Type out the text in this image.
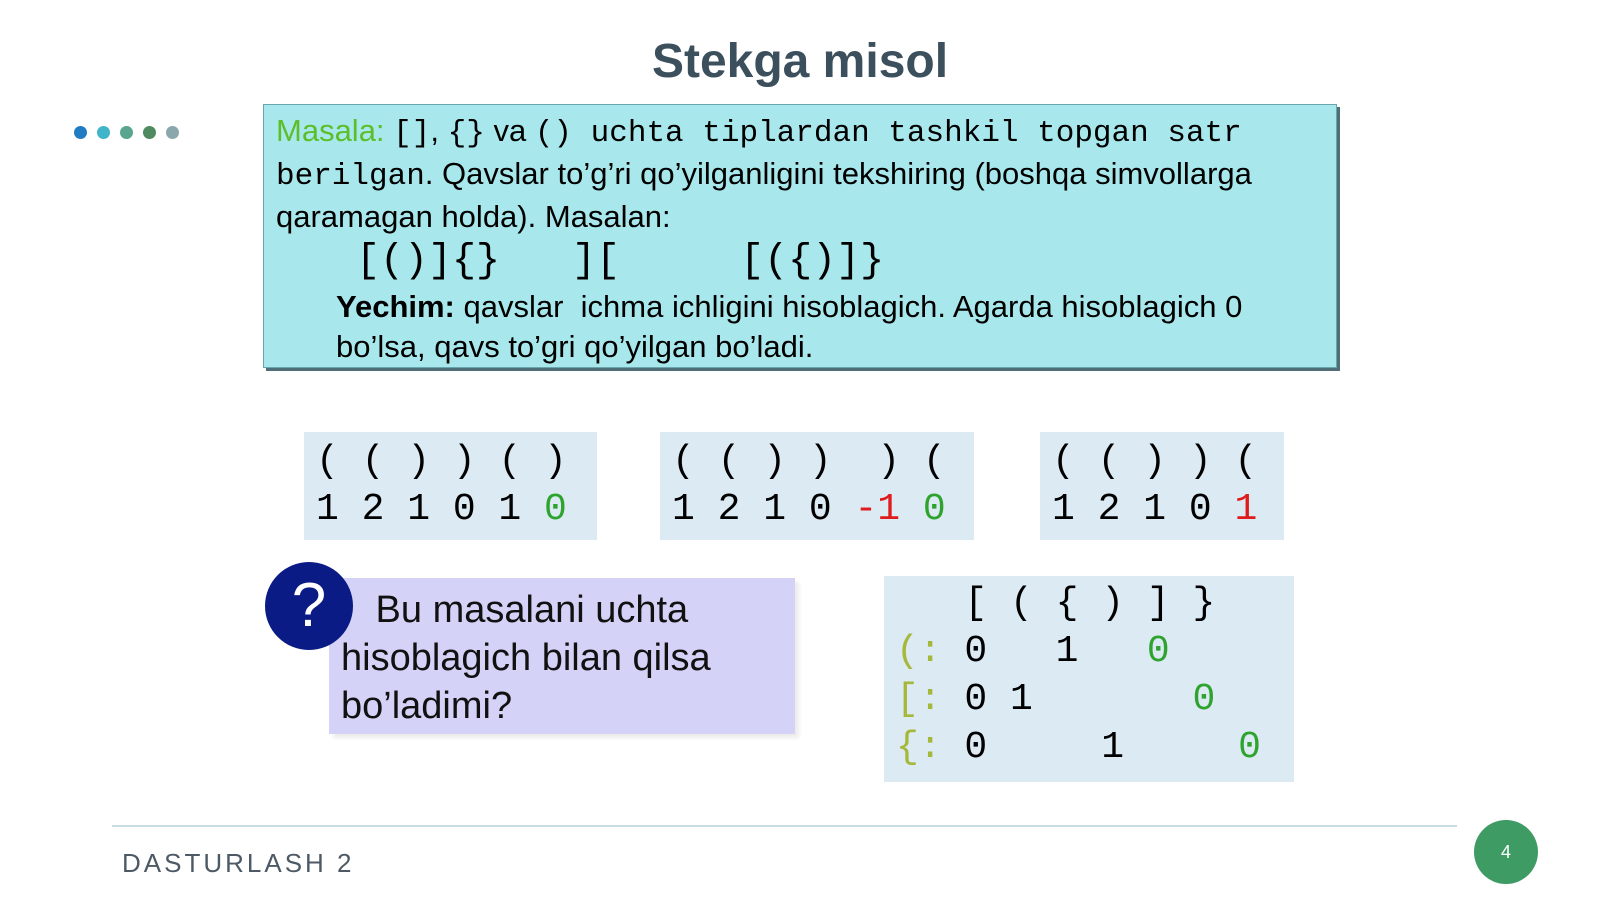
Stekga misol
Masala: [], {} va () uchta tiplardan tashkil topgan satr
berilgan. Qavslar to’g’ri qo’yilganligini tekshiring (boshqa simvollarga
qaramagan holda). Masalan:
[()]{}   ][     [({)]}
Yechim: qavslar  ichma ichligini hisoblagich. Agarda hisoblagich 0
bo’lsa, qavs to’gri qo’yilgan bo’ladi.
( ( ) ) ( )
1 2 1 0 1 0
( ( ) )  ) (
1 2 1 0 -1 0
( ( ) ) (
1 2 1 0 1
Bu masalani uchta
hisoblagich bilan qilsa
bo’ladimi?
?	[ ( { ) ] }
(: 0   1   0
[: 0 1       0
{: 0     1     0
DASTURLASH 2	4
